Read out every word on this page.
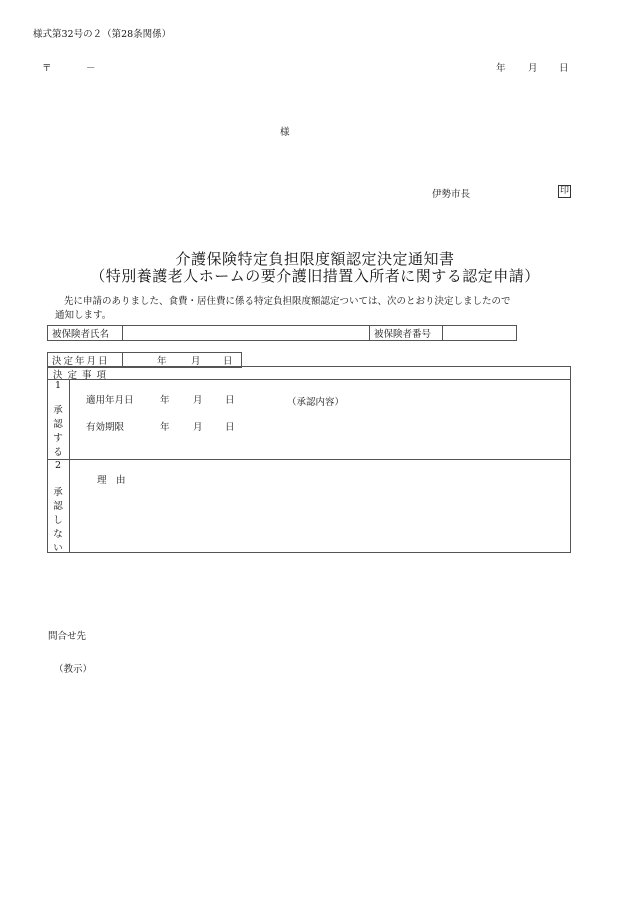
様式第32号の２（第28条関係）
〒	－	年 月 日
様
伊勢市長	印
介護保険特定負担限度額認定決定通知書
（特別養護老人ホームの要介護旧措置入所者に関する認定申請）
先に申請のありました、食費・居住費に係る特定負担限度額認定ついては、次のとおり決定しましたので
通知します。
被保険者氏名		被保険者番号	
決定年月日	年	月 日
決 定 事 項
1
承
認
す
る
適用年月日	年 月 日	（承認内容）
有効期限	年 月 日
2
承
認
し
な
い
理　由
問合せ先
（教示）
